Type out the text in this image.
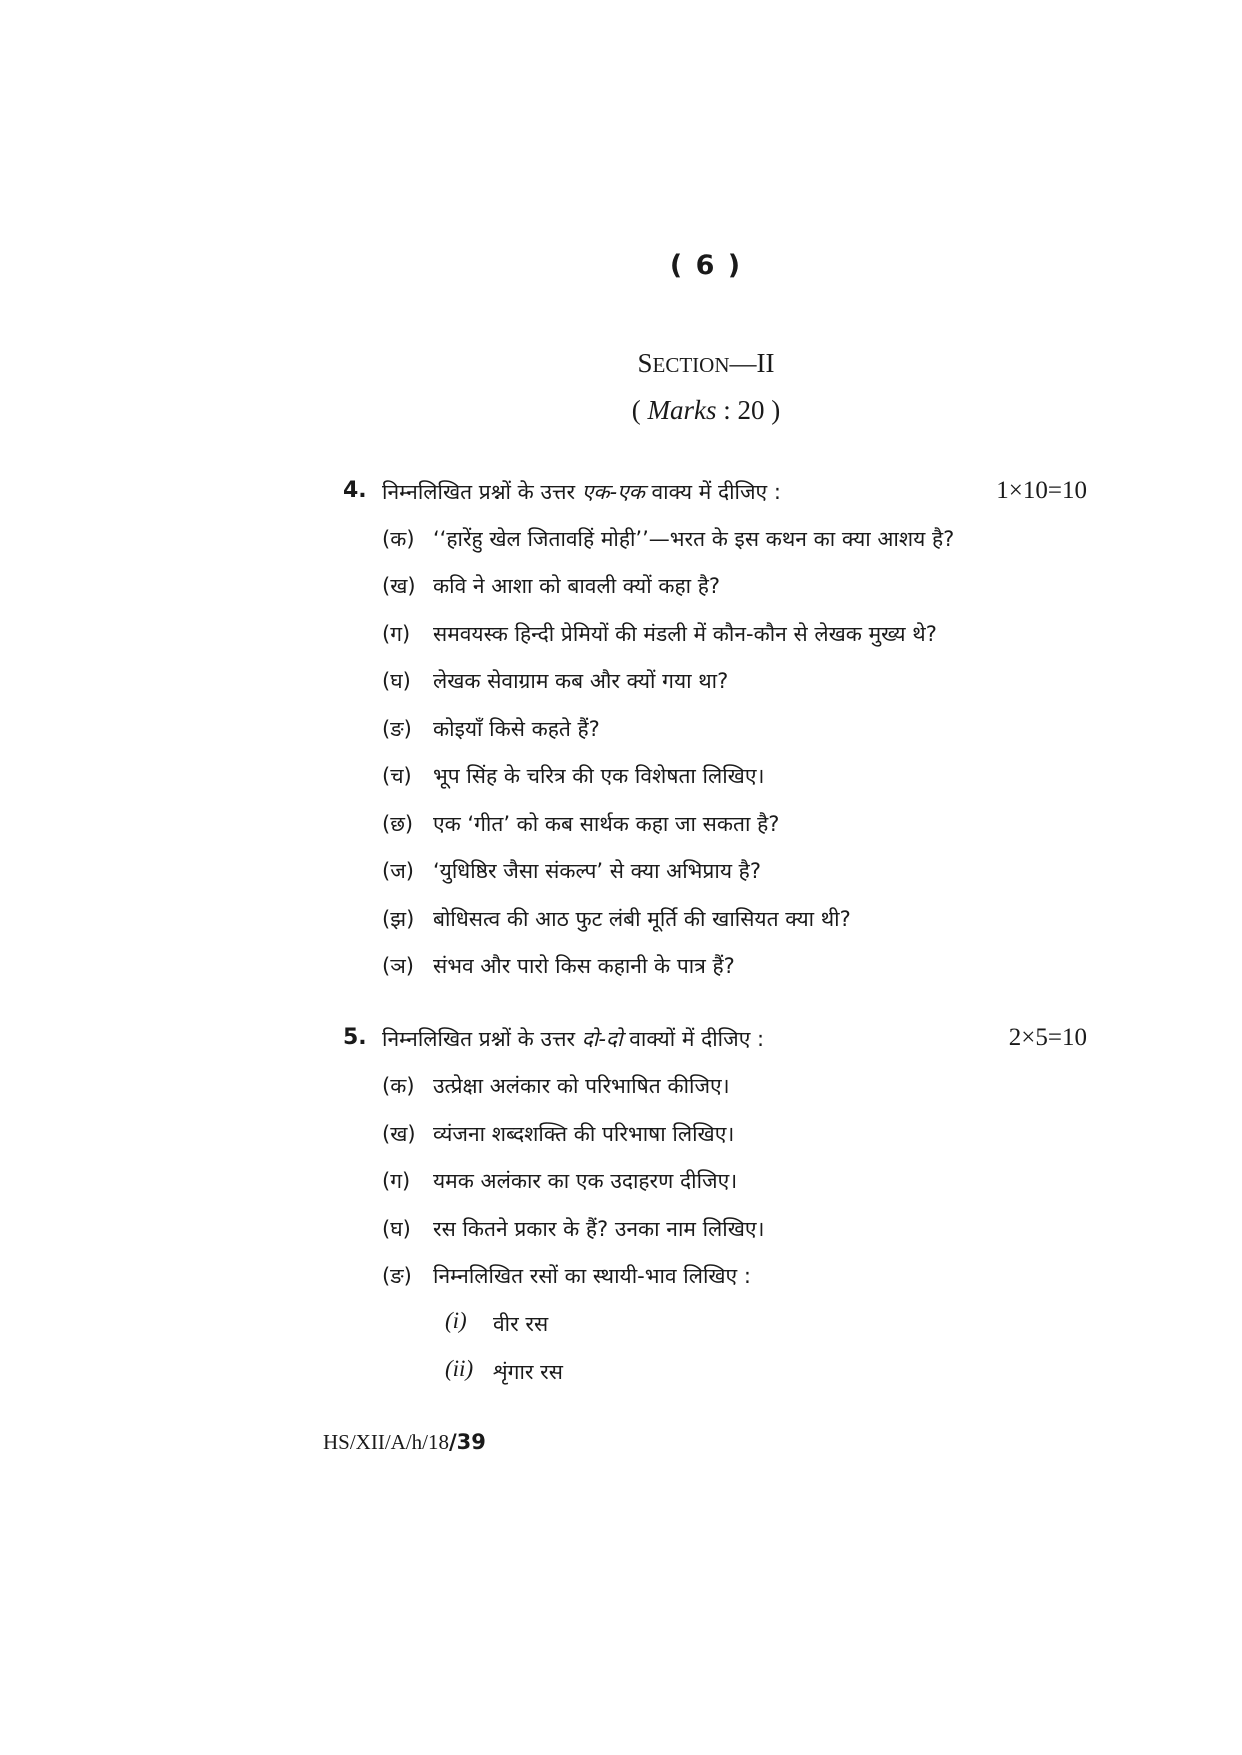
( 6 )
SECTION—II
( Marks : 20 )
4. निम्नलिखित प्रश्नों के उत्तर एक-एक वाक्य में दीजिए :	1×10=10
(क) ‘‘हारेंहु खेल जितावहिं मोही’’—भरत के इस कथन का क्या आशय है?
(ख) कवि ने आशा को बावली क्यों कहा है?
(ग) समवयस्क हिन्दी प्रेमियों की मंडली में कौन-कौन से लेखक मुख्य थे?
(घ) लेखक सेवाग्राम कब और क्यों गया था?
(ङ) कोइयाँ किसे कहते हैं?
(च) भूप सिंह के चरित्र की एक विशेषता लिखिए।
(छ) एक ‘गीत’ को कब सार्थक कहा जा सकता है?
(ज) ‘युधिष्ठिर जैसा संकल्प’ से क्या अभिप्राय है?
(झ) बोधिसत्व की आठ फुट लंबी मूर्ति की खासियत क्या थी?
(ञ) संभव और पारो किस कहानी के पात्र हैं?
5. निम्नलिखित प्रश्नों के उत्तर दो-दो वाक्यों में दीजिए :	2×5=10
(क) उत्प्रेक्षा अलंकार को परिभाषित कीजिए।
(ख) व्यंजना शब्दशक्ति की परिभाषा लिखिए।
(ग) यमक अलंकार का एक उदाहरण दीजिए।
(घ) रस कितने प्रकार के हैं? उनका नाम लिखिए।
(ङ) निम्नलिखित रसों का स्थायी-भाव लिखिए :
(i) वीर रस
(ii) शृंगार रस
HS/XII/A/h/18/39
